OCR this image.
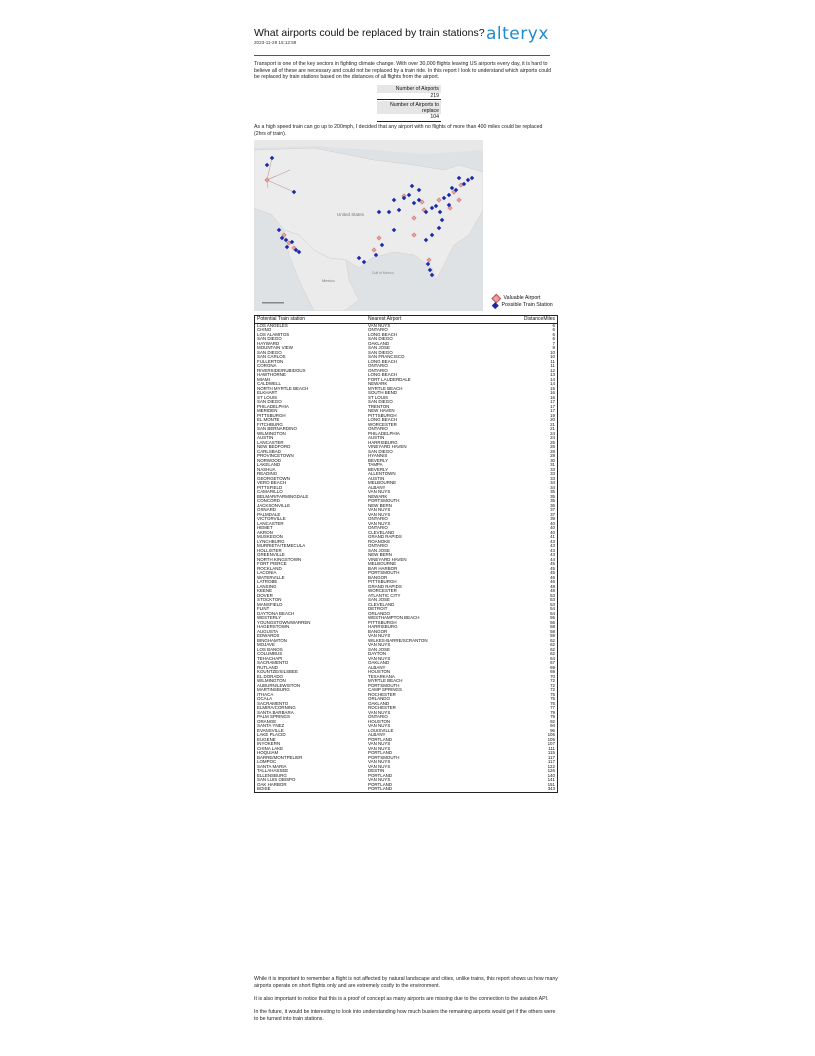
What airports could be replaced by train stations?
2023-11-29 15:12:59	alteryx
Transport is one of the key sectors in fighting climate change. With over 30,000 flights leaving US airports every day, it is hard to believe all of these are necessary and could not be replaced by a train ride. In this report I look to understand which airports could be replaced by train stations based on the distances of all flights from the airport.
Number of Airports
219
Number of Airports to
replace
104
As a high speed train can go up to 200mph, I decided that any airport with no flights of more than 400 miles could be replaced (2hrs of train).
United States
Mexico
Gulf of Mexico
Valuable Airport
Possible Train Station
Potential Train station	Nearest Airport	DistanceMiles
LOS ANGELES	VAN NUYS	6
CHINO	ONTARIO	6
LOS ALAMITOS	LONG BEACH	6
SAN DIEGO	SAN DIEGO	6
HAYWARD	OAKLAND	7
MOUNTAIN VIEW	SAN JOSE	8
SAN DIEGO	SAN DIEGO	10
SAN CARLOS	SAN FRANCISCO	10
FULLERTON	LONG BEACH	11
CORONA	ONTARIO	11
RIVERSIDE/RUBIDOUX	ONTARIO	12
HAWTHORNE	LONG BEACH	13
MIAMI	FORT LAUDERDALE	14
CALDWELL	NEWARK	14
NORTH MYRTLE BEACH	MYRTLE BEACH	15
ELKHART	SOUTH BEND	16
ST LOUIS	ST LOUIS	16
SAN DIEGO	SAN DIEGO	17
PHILADELPHIA	TRENTON	17
MERIDEN	NEW HAVEN	17
PITTSBURGH	PITTSBURGH	19
EL MONTE	LONG BEACH	20
FITCHBURG	WORCESTER	21
SAN BERNARDINO	ONTARIO	21
WILMINGTON	PHILADELPHIA	24
AUSTIN	AUSTIN	24
LANCASTER	HARRISBURG	25
NEW BEDFORD	VINEYARD HAVEN	26
CARLSBAD	SAN DIEGO	28
PROVINCETOWN	HYANNIS	28
NORWOOD	BEVERLY	30
LAKELAND	TAMPA	31
NASHUA	BEVERLY	33
READING	ALLENTOWN	33
GEORGETOWN	AUSTIN	33
VERO BEACH	MELBOURNE	34
PITTSFIELD	ALBANY	34
CAMARILLO	VAN NUYS	35
BELMAR/FARMINGDALE	NEWARK	35
CONCORD	PORTSMOUTH	35
JACKSONVILLE	NEW BERN	36
OXNARD	VAN NUYS	37
PALMDALE	VAN NUYS	37
VICTORVILLE	ONTARIO	39
LANCASTER	VAN NUYS	40
HEMET	ONTARIO	40
AKRON	CLEVELAND	40
MUSKEGON	GRAND RAPIDS	41
LYNCHBURG	ROANOKE	43
MURRIETA/TEMECULA	ONTARIO	43
HOLLISTER	SAN JOSE	43
GREENVILLE	NEW BERN	43
NORTH KINGSTOWN	VINEYARD HAVEN	44
FORT PIERCE	MELBOURNE	45
ROCKLAND	BAR HARBOR	45
LACONIA	PORTSMOUTH	45
WATERVILLE	BANGOR	46
LATROBE	PITTSBURGH	46
LANSING	GRAND RAPIDS	48
KEENE	WORCESTER	48
DOVER	ATLANTIC CITY	53
STOCKTON	SAN JOSE	53
MANSFIELD	CLEVELAND	53
FLINT	DETROIT	54
DAYTONA BEACH	ORLANDO	54
WESTERLY	WESTHAMPTON BEACH	55
YOUNGSTOWN/WARREN	PITTSBURGH	56
HAGERSTOWN	HARRISBURG	58
AUGUSTA	BANGOR	58
EDWARDS	VAN NUYS	59
BINGHAMTON	WILKES-BARRE/SCRANTON	62
MOJAVE	VAN NUYS	62
LOS BANOS	SAN JOSE	62
COLUMBUS	DAYTON	62
TEHACHAPI	VAN NUYS	64
SACRAMENTO	OAKLAND	67
RUTLAND	ALBANY	69
KOUNTZE/SILSBEE	HOUSTON	69
EL DORADO	TEXARKANA	70
WILMINGTON	MYRTLE BEACH	72
AUBURN/LEWISTON	PORTSMOUTH	72
MARTINSBURG	CAMP SPRINGS	72
ITHACA	ROCHESTER	75
OCALA	ORLANDO	75
SACRAMENTO	OAKLAND	75
ELMIRA/CORNING	ROCHESTER	77
SANTA BARBARA	VAN NUYS	79
PALM SPRINGS	ONTARIO	79
ORANGE	HOUSTON	92
SANTA YNEZ	VAN NUYS	94
EVANSVILLE	LOUISVILLE	96
LAKE PLACID	ALBANY	105
EUGENE	PORTLAND	105
INYOKERN	VAN NUYS	107
CHINA LAKE	VAN NUYS	111
HOQUIAM	PORTLAND	115
BARRE/MONTPELIER	PORTSMOUTH	117
LOMPOC	VAN NUYS	117
SANTA MARIA	VAN NUYS	122
TALLAHASSEE	DESTIN	126
ELLENSBURG	PORTLAND	140
SAN LUIS OBISPO	VAN NUYS	141
OAK HARBOR	PORTLAND	151
BOISE	PORTLAND	343

While it is important to remember a flight is not affected by natural landscape and cities, unlike trains, this report shows us how many airports operate on short flights only and are extremely costly to the environment.

It is also important to notice that this is a proof of concept as many airports are missing due to the connection to the aviation API.

In the future, it would be interesting to look into understanding how much busiers the remaining airports would get if the others were to be turned into train stations.
